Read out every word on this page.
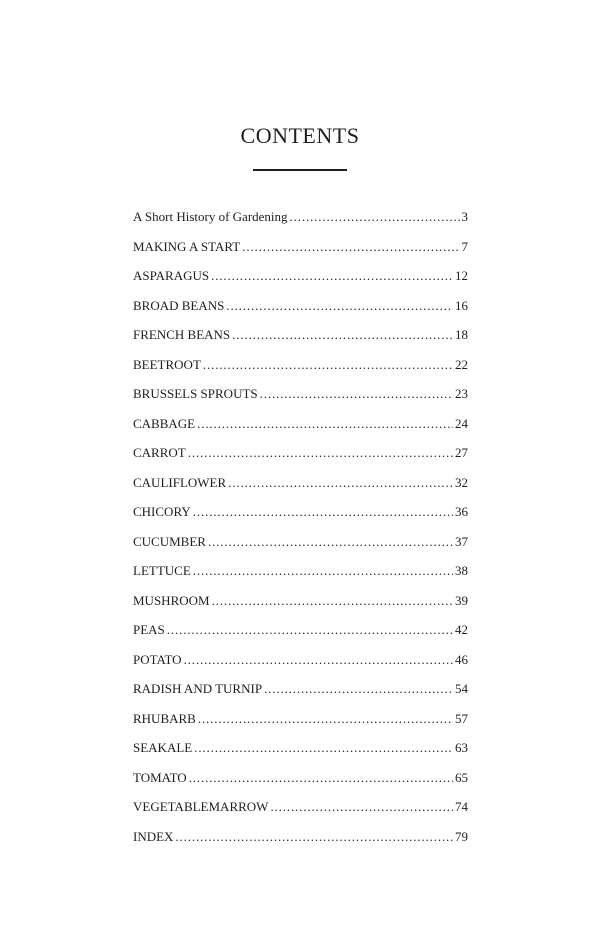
CONTENTS
A Short History of Gardening . . .	3
MAKING A START . . .	7
ASPARAGUS . . .	12
BROAD BEANS . . .	16
FRENCH BEANS . . .	18
BEETROOT . . .	22
BRUSSELS SPROUTS . . .	23
CABBAGE . . .	24
CARROT . . .	27
CAULIFLOWER . . .	32
CHICORY . . .	36
CUCUMBER . . .	37
LETTUCE . . .	38
MUSHROOM . . .	39
PEAS . . .	42
POTATO . . .	46
RADISH AND TURNIP . . .	54
RHUBARB . . .	57
SEAKALE . . .	63
TOMATO . . .	65
VEGETABLEMARROW . . .	74
INDEX . . .	79
